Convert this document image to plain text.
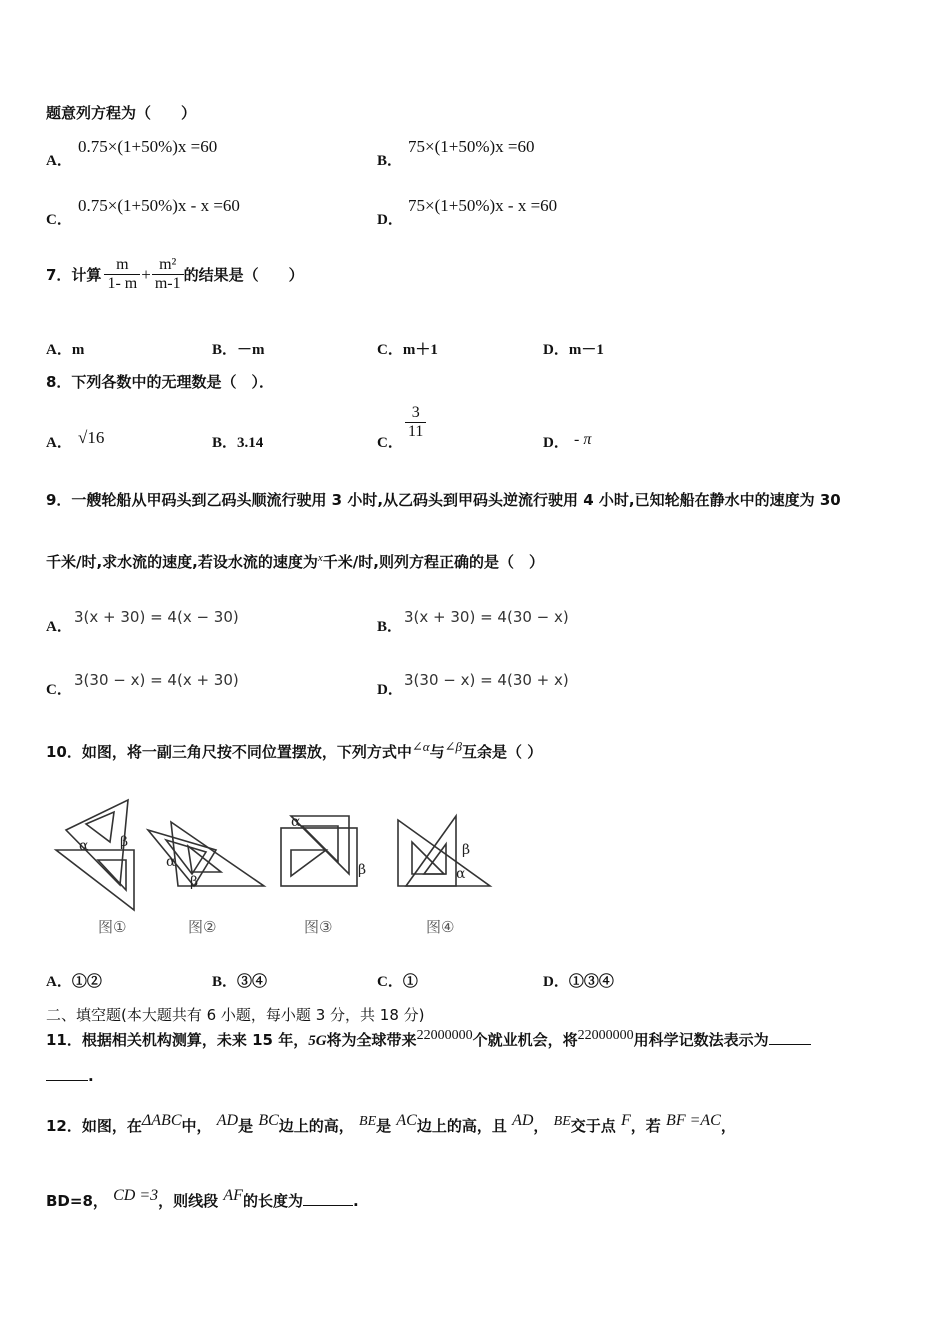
题意列方程为（　　）
A．
0.75×(1+50%)x =60
B．
75×(1+50%)x =60
C．
0.75×(1+50%)x - x =60
D．
75×(1+50%)x - x =60
7．计算 $\frac{m}{1- m} + \frac{\text{m²}}{m-1}$ 的结果是（　　）
A．m	B．－m	C．m＋1	D．m－1
8．下列各数中的无理数是（　）．
A． √16	B．3.14	C．
$\frac{3}{11}$
D． - π
9．一艘轮船从甲码头到乙码头顺流行驶用 3 小时,从乙码头到甲码头逆流行驶用 4 小时,已知轮船在静水中的速度为 30
千米/时,求水流的速度,若设水流的速度为$^x$千米/时,则列方程正确的是（　）
A．
3(x + 30) = 4(x − 30)
B．
3(x + 30) = 4(30 − x)
C．
3(30 − x) = 4(x + 30)
D．
3(30 − x) = 4(30 + x)
10．如图，将一副三角尺按不同位置摆放，下列方式中$^{\angle\alpha}$与$^{\angle\beta}$互余是（ ）
α β
α
β
α
β
β
α
图①	图②	图③	图④
A．①②	B．③④	C．①	D．①③④
二、填空题(本大题共有 6 小题，每小题 3 分，共 18 分)
11．根据相关机构测算，未来 15 年，5G将为全球带来$^{22000000}$个就业机会，将$^{22000000}$用科学记数法表示为
.
12．如图，在$^{\Delta ABC}$中， $^{AD}$是 $^{BC}$边上的高， $^{BE}$是 $^{AC}$边上的高，且 $^{AD}$， $^{BE}$交于点 $^F$，若 $^{BF =AC}$，
BD=8， $^{CD =3}$，则线段 $^{AF}$的长度为	.
